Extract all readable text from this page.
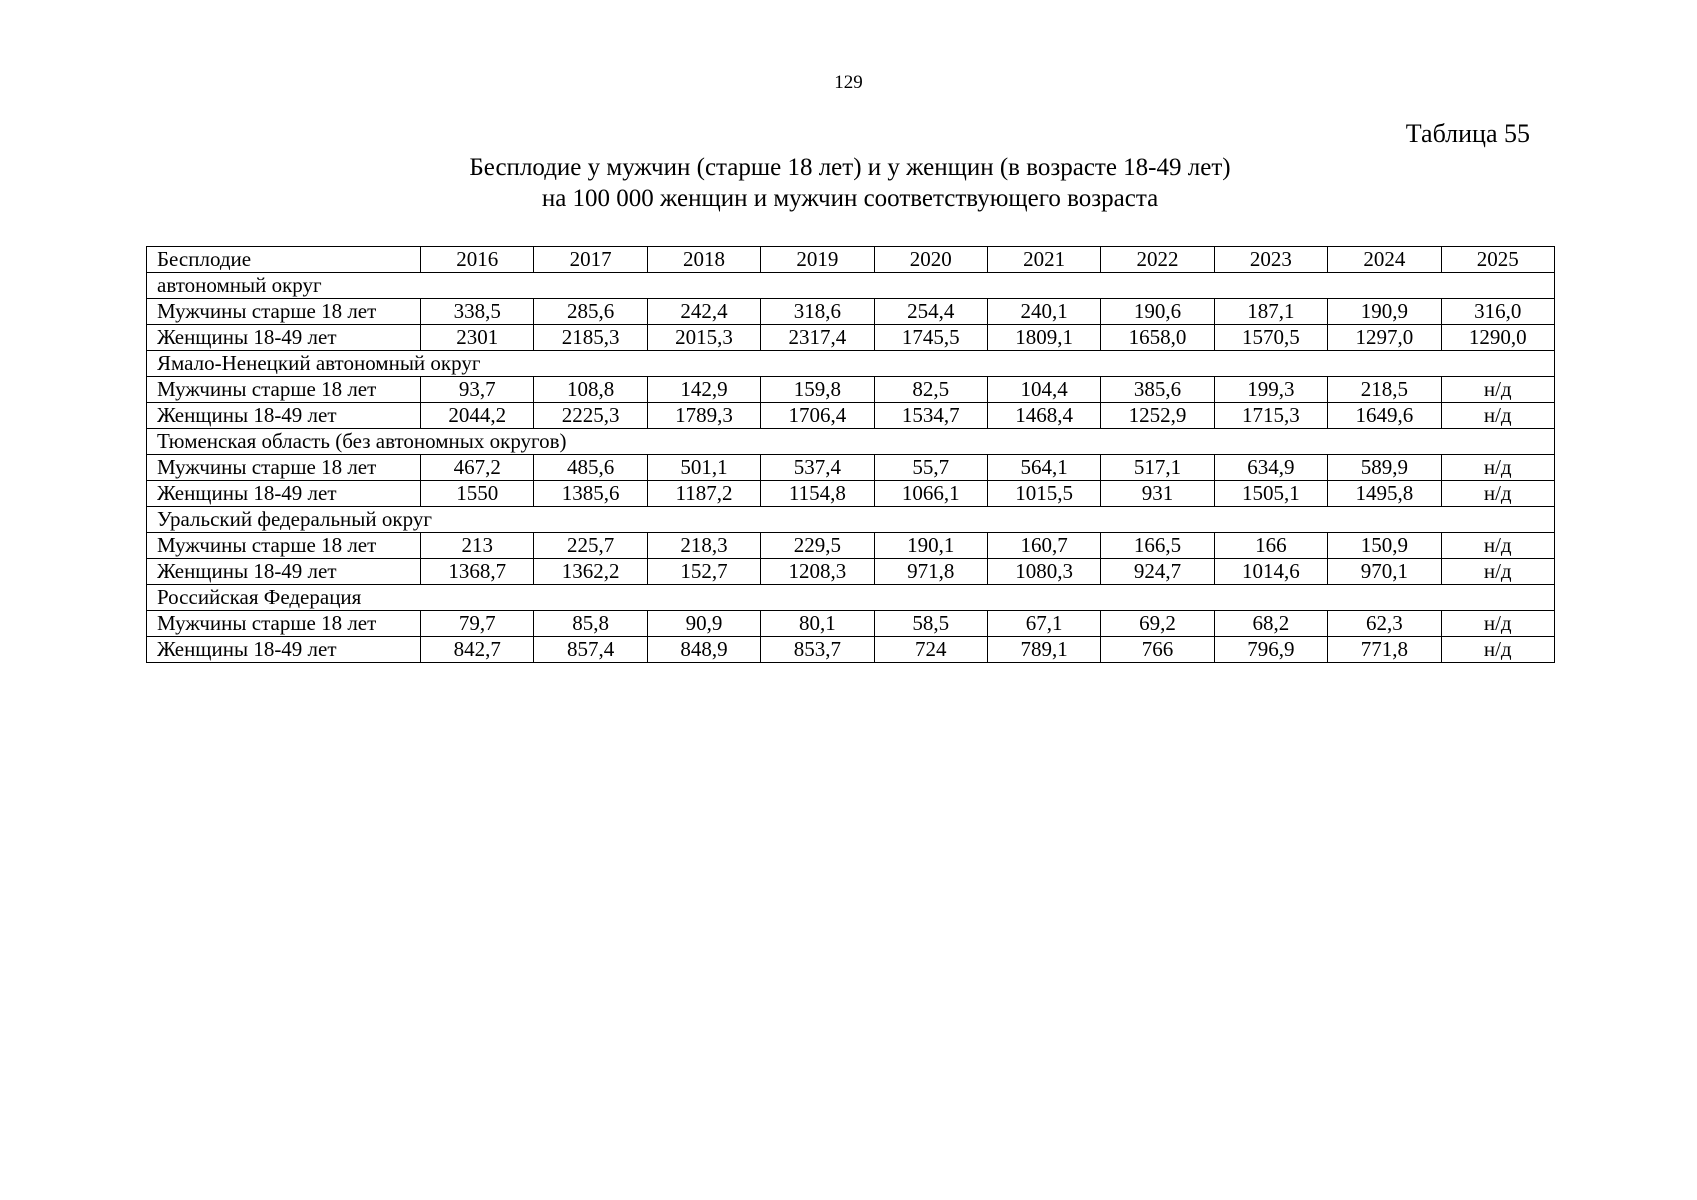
129
Таблица 55
Бесплодие у мужчин (старше 18 лет) и у женщин (в возрасте 18-49 лет)
на 100 000 женщин и мужчин соответствующего возраста
Бесплодие	2016	2017	2018	2019	2020	2021	2022	2023	2024	2025
автономный округ										
Мужчины старше 18 лет	338,5	285,6	242,4	318,6	254,4	240,1	190,6	187,1	190,9	316,0
Женщины 18-49 лет	2301	2185,3	2015,3	2317,4	1745,5	1809,1	1658,0	1570,5	1297,0	1290,0
Ямало-Ненецкий автономный округ										
Мужчины старше 18 лет	93,7	108,8	142,9	159,8	82,5	104,4	385,6	199,3	218,5	н/д
Женщины 18-49 лет	2044,2	2225,3	1789,3	1706,4	1534,7	1468,4	1252,9	1715,3	1649,6	н/д
Тюменская область (без автономных округов)										
Мужчины старше 18 лет	467,2	485,6	501,1	537,4	55,7	564,1	517,1	634,9	589,9	н/д
Женщины 18-49 лет	1550	1385,6	1187,2	1154,8	1066,1	1015,5	931	1505,1	1495,8	н/д
Уральский федеральный округ										
Мужчины старше 18 лет	213	225,7	218,3	229,5	190,1	160,7	166,5	166	150,9	н/д
Женщины 18-49 лет	1368,7	1362,2	152,7	1208,3	971,8	1080,3	924,7	1014,6	970,1	н/д
Российская Федерация										
Мужчины старше 18 лет	79,7	85,8	90,9	80,1	58,5	67,1	69,2	68,2	62,3	н/д
Женщины 18-49 лет	842,7	857,4	848,9	853,7	724	789,1	766	796,9	771,8	н/д
